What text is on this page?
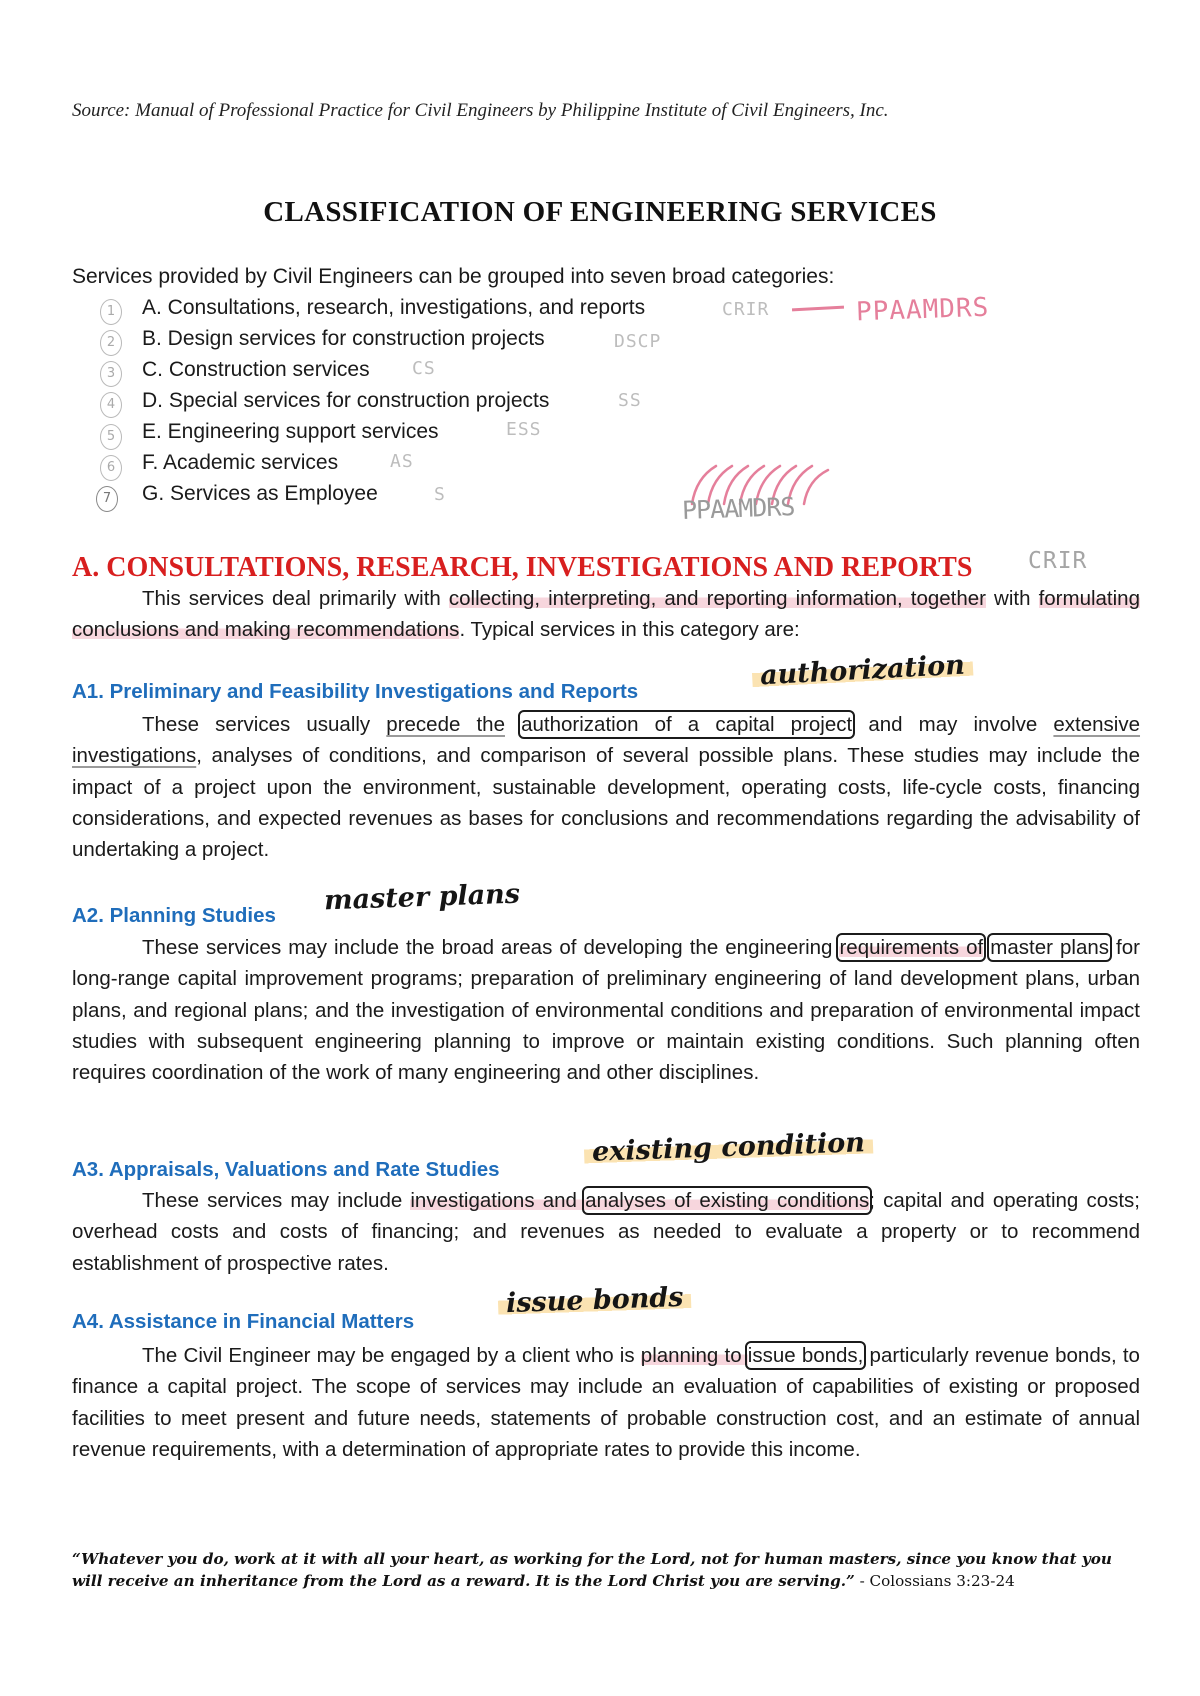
Source: Manual of Professional Practice for Civil Engineers by Philippine Institute of Civil Engineers, Inc.
CLASSIFICATION OF ENGINEERING SERVICES
Services provided by Civil Engineers can be grouped into seven broad categories:
1	A. Consultations, research, investigations, and reports	CRIR
2	B. Design services for construction projects	DSCP
3	C. Construction services CS
4	D. Special services for construction projects	SS
5	E. Engineering support services	ESS
6	F. Academic services	AS
7	G. Services as Employee	S
PPAAMDRS
PPAAMDRS
A. CONSULTATIONS, RESEARCH, INVESTIGATIONS AND REPORTS CRIR
This services deal primarily with collecting, interpreting, and reporting information, together with formulating conclusions and making recommendations. Typical services in this category are:
A1. Preliminary and Feasibility Investigations and Reports
authorization
These services usually precede the authorization of a capital project and may involve extensive investigations, analyses of conditions, and comparison of several possible plans. These studies may include the impact of a project upon the environment, sustainable development, operating costs, life-cycle costs, financing considerations, and expected revenues as bases for conclusions and recommendations regarding the advisability of undertaking a project.
A2. Planning Studies master plans
These services may include the broad areas of developing the engineering requirements of master plans for long-range capital improvement programs; preparation of preliminary engineering of land development plans, urban plans, and regional plans; and the investigation of environmental conditions and preparation of environmental impact studies with subsequent engineering planning to improve or maintain existing conditions. Such planning often requires coordination of the work of many engineering and other disciplines.
A3. Appraisals, Valuations and Rate Studies
existing condition
These services may include investigations and analyses of existing conditions; capital and operating costs; overhead costs and costs of financing; and revenues as needed to evaluate a property or to recommend establishment of prospective rates.
A4. Assistance in Financial Matters
issue bonds
The Civil Engineer may be engaged by a client who is planning to issue bonds, particularly revenue bonds, to finance a capital project. The scope of services may include an evaluation of capabilities of existing or proposed facilities to meet present and future needs, statements of probable construction cost, and an estimate of annual revenue requirements, with a determination of appropriate rates to provide this income.
“Whatever you do, work at it with all your heart, as working for the Lord, not for human masters, since you know that you will receive an inheritance from the Lord as a reward. It is the Lord Christ you are serving.” - Colossians 3:23-24
